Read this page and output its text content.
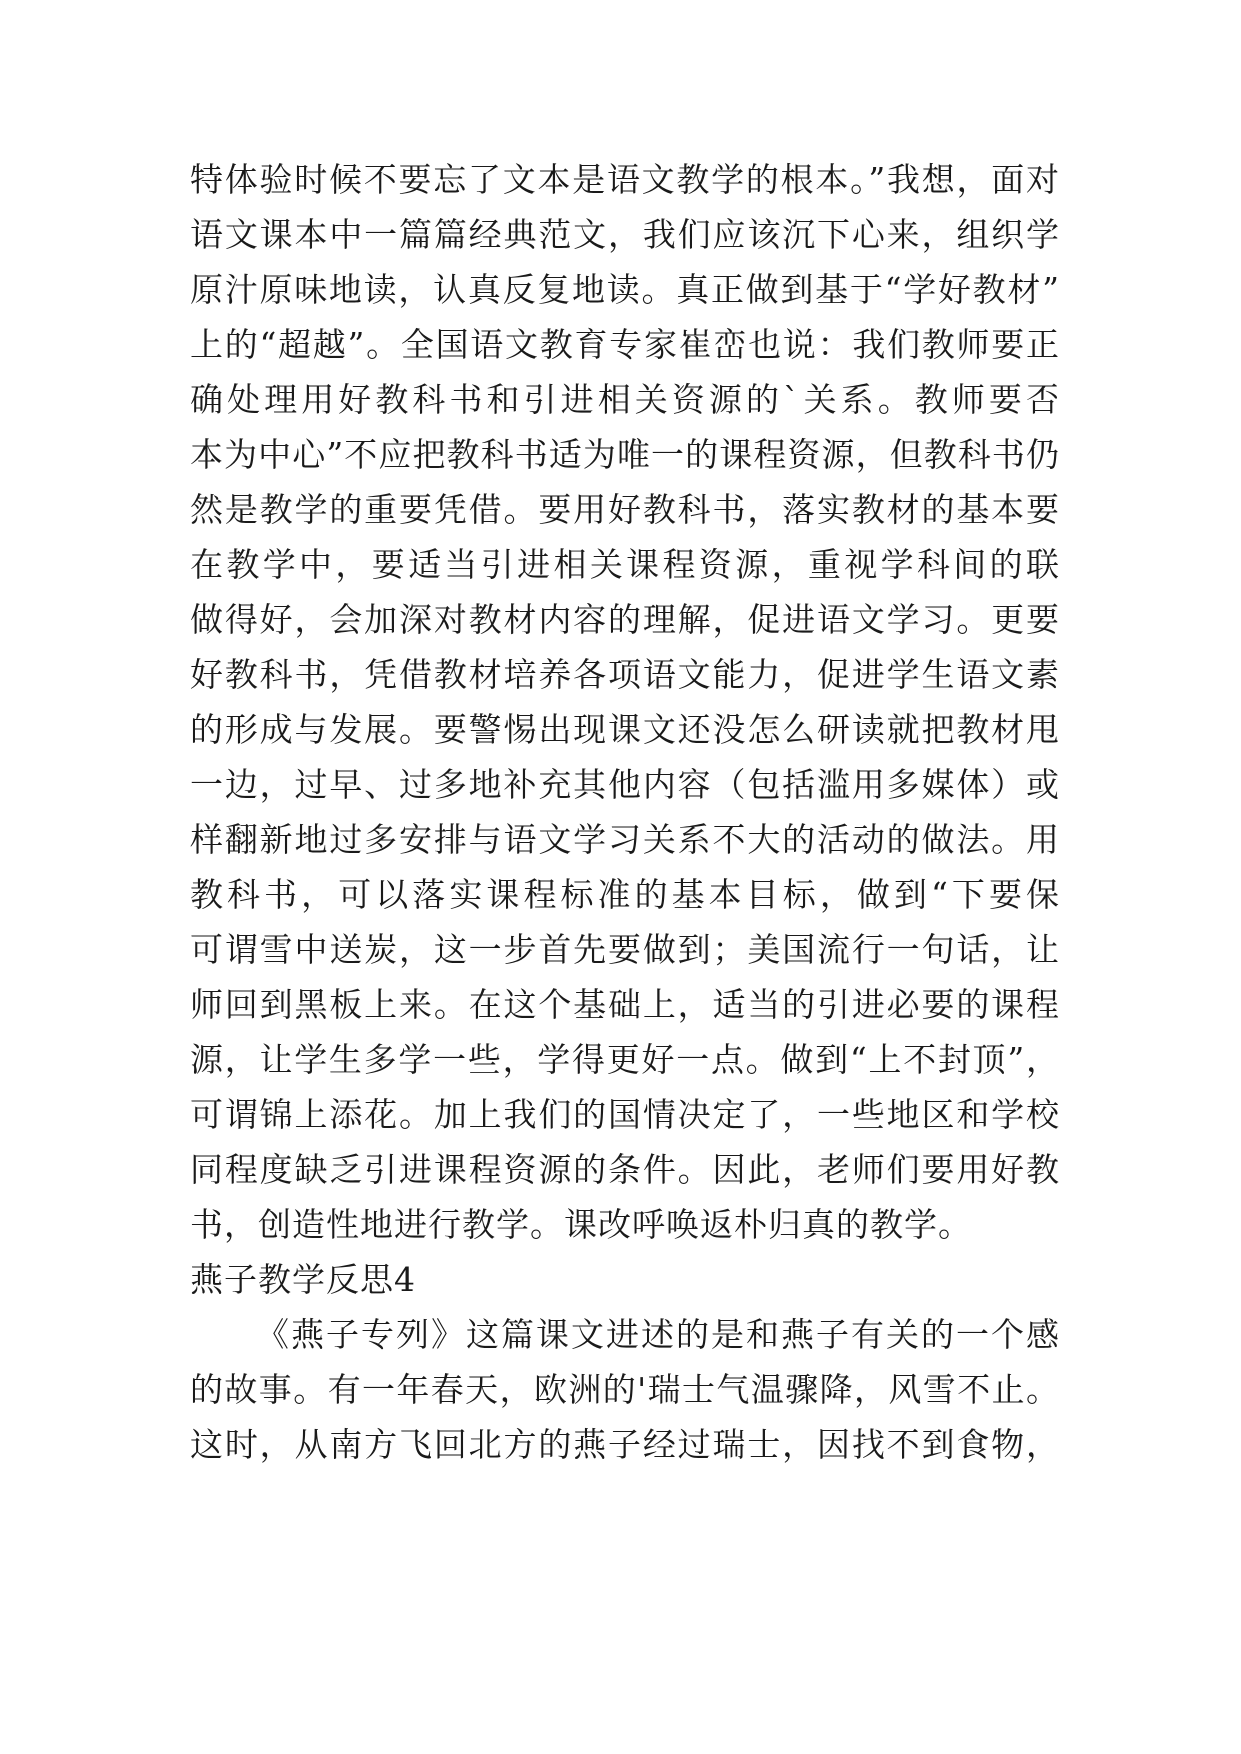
特体验时候不要忘了文本是语文教学的根本。”我想，面对
语文课本中一篇篇经典范文，我们应该沉下心来，组织学
原汁原味地读，认真反复地读。真正做到基于“学好教材”
上的“超越”。全国语文教育专家崔峦也说：我们教师要正
确处理用好教科书和引进相关资源的`关系。教师要否
本为中心”不应把教科书适为唯一的课程资源，但教科书仍
然是教学的重要凭借。要用好教科书，落实教材的基本要
在教学中，要适当引进相关课程资源，重视学科间的联
做得好，会加深对教材内容的理解，促进语文学习。更要
好教科书，凭借教材培养各项语文能力，促进学生语文素
的形成与发展。要警惕出现课文还没怎么研读就把教材甩
一边，过早、过多地补充其他内容（包括滥用多媒体）或
样翻新地过多安排与语文学习关系不大的活动的做法。用
教科书，可以落实课程标准的基本目标，做到“下要保
可谓雪中送炭，这一步首先要做到；美国流行一句话，让
师回到黑板上来。在这个基础上，适当的引进必要的课程
源，让学生多学一些，学得更好一点。做到“上不封顶”，
可谓锦上添花。加上我们的国情决定了，一些地区和学校
同程度缺乏引进课程资源的条件。因此，老师们要用好教
书，创造性地进行教学。课改呼唤返朴归真的教学。
燕子教学反思4
《燕子专列》这篇课文进述的是和燕子有关的一个感
的故事。有一年春天，欧洲的'瑞士气温骤降，风雪不止。
这时，从南方飞回北方的燕子经过瑞士，因找不到食物，
